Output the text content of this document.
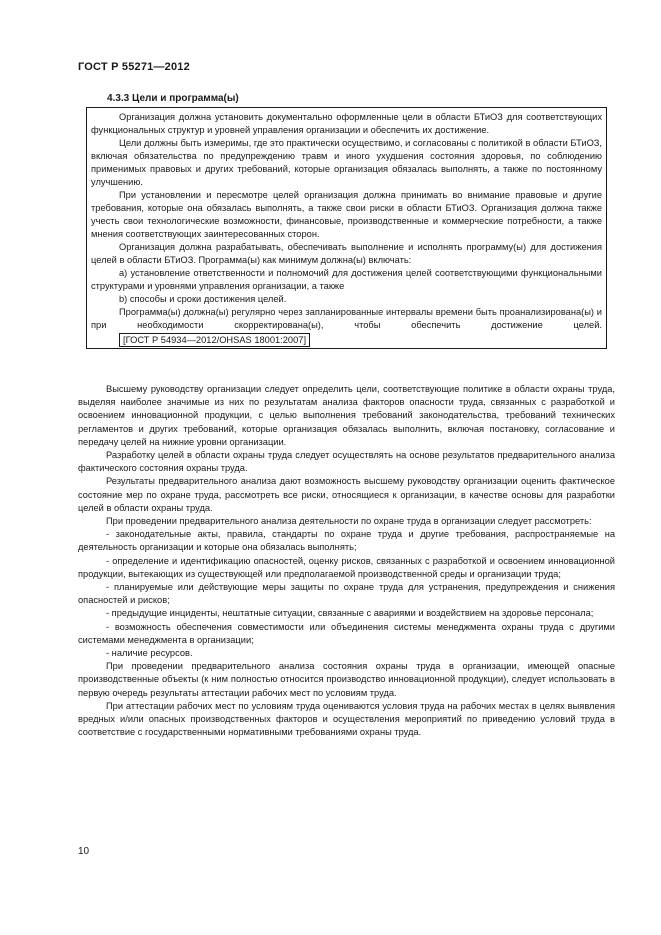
ГОСТ Р 55271—2012
4.3.3 Цели и программа(ы)

Организация должна установить документально оформленные цели в области БТиОЗ для соответствующих функциональных структур и уровней управления организации и обеспечить их достижение.

Цели должны быть измеримы, где это практически осуществимо, и согласованы с политикой в области БТиОЗ, включая обязательства по предупреждению травм и иного ухудшения состояния здоровья, по соблюдению применимых правовых и других требований, которые организация обязалась выполнять, а также по постоянному улучшению.

При установлении и пересмотре целей организация должна принимать во внимание правовые и другие требования, которые она обязалась выполнять, а также свои риски в области БТиОЗ. Организация должна также учесть свои технологические возможности, финансовые, производственные и коммерческие потребности, а также мнения соответствующих заинтересованных сторон.

Организация должна разрабатывать, обеспечивать выполнение и исполнять программу(ы) для достижения целей в области БТиОЗ. Программа(ы) как минимум должна(ы) включать:

а) установление ответственности и полномочий для достижения целей соответствующими функциональными структурами и уровнями управления организации, а также

b) способы и сроки достижения целей.

Программа(ы) должна(ы) регулярно через запланированные интервалы времени быть проанализирована(ы) и при необходимости скорректирована(ы), чтобы обеспечить достижение целей.

[ГОСТ Р 54934—2012/OHSAS 18001:2007]

Высшему руководству организации следует определить цели, соответствующие политике в области охраны труда, выделяя наиболее значимые из них по результатам анализа факторов опасности труда, связанных с разработкой и освоением инновационной продукции, с целью выполнения требований законодательства, требований технических регламентов и других требований, которые организация обязалась выполнить, включая постановку, согласование и передачу целей на нижние уровни организации.

Разработку целей в области охраны труда следует осуществлять на основе результатов предварительного анализа фактического состояния охраны труда.

Результаты предварительного анализа дают возможность высшему руководству организации оценить фактическое состояние мер по охране труда, рассмотреть все риски, относящиеся к организации, в качестве основы для разработки целей в области охраны труда.

При проведении предварительного анализа деятельности по охране труда в организации следует рассмотреть:

- законодательные акты, правила, стандарты по охране труда и другие требования, распространяемые на деятельность организации и которые она обязалась выполнять;

- определение и идентификацию опасностей, оценку рисков, связанных с разработкой и освоением инновационной продукции, вытекающих из существующей или предполагаемой производственной среды и организации труда;

- планируемые или действующие меры защиты по охране труда для устранения, предупреждения и снижения опасностей и рисков;

- предыдущие инциденты, нештатные ситуации, связанные с авариями и воздействием на здоровье персонала;

- возможность обеспечения совместимости или объединения системы менеджмента охраны труда с другими системами менеджмента в организации;

- наличие ресурсов.

При проведении предварительного анализа состояния охраны труда в организации, имеющей опасные производственные объекты (к ним полностью относится производство инновационной продукции), следует использовать в первую очередь результаты аттестации рабочих мест по условиям труда.

При аттестации рабочих мест по условиям труда оцениваются условия труда на рабочих местах в целях выявления вредных и/или опасных производственных факторов и осуществления мероприятий по приведению условий труда в соответствие с государственными нормативными требованиями охраны труда.

10
